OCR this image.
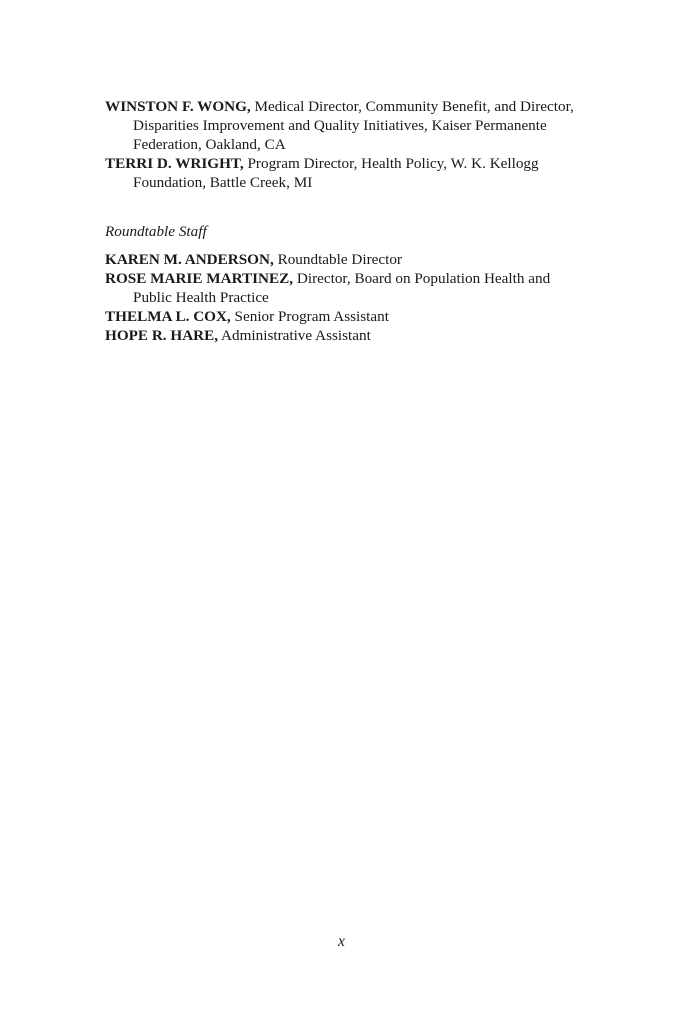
WINSTON F. WONG, Medical Director, Community Benefit, and Director, Disparities Improvement and Quality Initiatives, Kaiser Permanente Federation, Oakland, CA

TERRI D. WRIGHT, Program Director, Health Policy, W. K. Kellogg Foundation, Battle Creek, MI

Roundtable Staff

KAREN M. ANDERSON, Roundtable Director

ROSE MARIE MARTINEZ, Director, Board on Population Health and Public Health Practice

THELMA L. COX, Senior Program Assistant

HOPE R. HARE, Administrative Assistant

x
